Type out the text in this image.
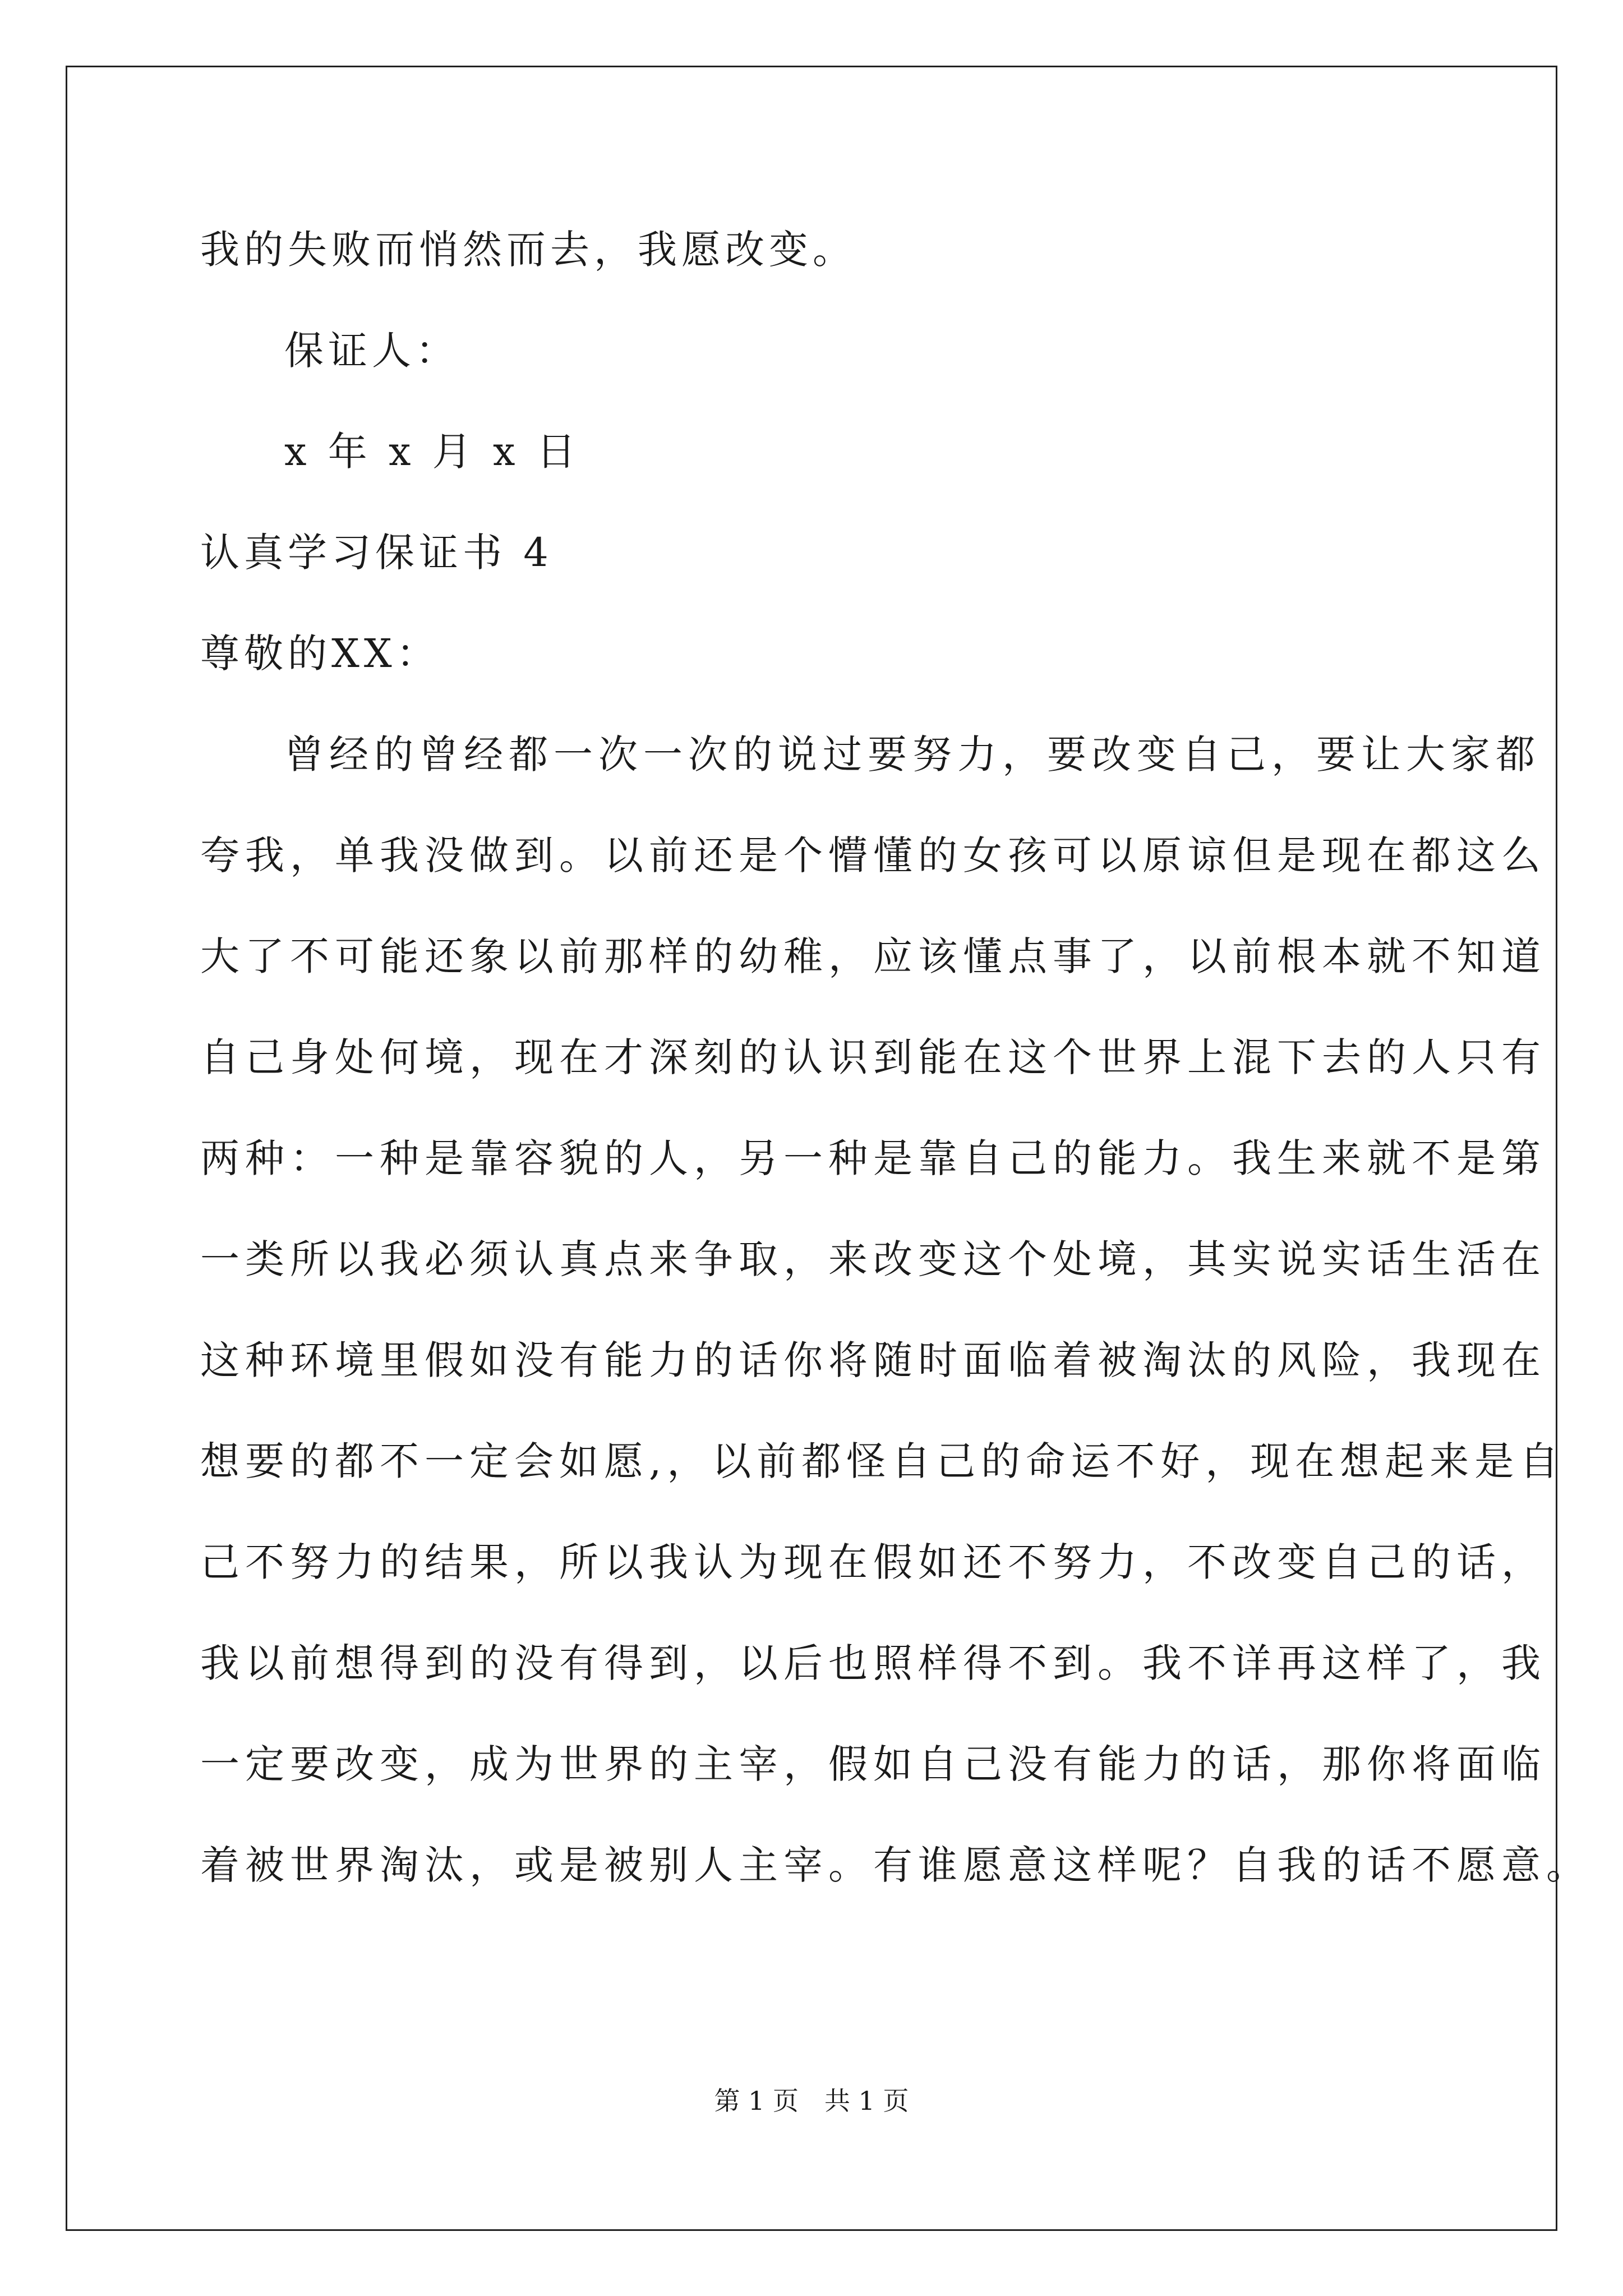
我的失败而悄然而去，我愿改变。
保证人：
x 年 x 月 x 日
认真学习保证书 4
尊敬的XX：
曾经的曾经都一次一次的说过要努力，要改变自己，要让大家都
夸我，单我没做到。以前还是个懵懂的女孩可以原谅但是现在都这么
大了不可能还象以前那样的幼稚，应该懂点事了，以前根本就不知道
自己身处何境，现在才深刻的认识到能在这个世界上混下去的人只有
两种：一种是靠容貌的人，另一种是靠自己的能力。我生来就不是第
一类所以我必须认真点来争取，来改变这个处境，其实说实话生活在
这种环境里假如没有能力的话你将随时面临着被淘汰的风险，我现在
想要的都不一定会如愿,，以前都怪自己的命运不好，现在想起来是自
己不努力的结果，所以我认为现在假如还不努力，不改变自己的话，
我以前想得到的没有得到，以后也照样得不到。我不详再这样了，我
一定要改变，成为世界的主宰，假如自己没有能力的话，那你将面临
着被世界淘汰，或是被别人主宰。有谁愿意这样呢？自我的话不愿意。
第 1 页　共 1 页
